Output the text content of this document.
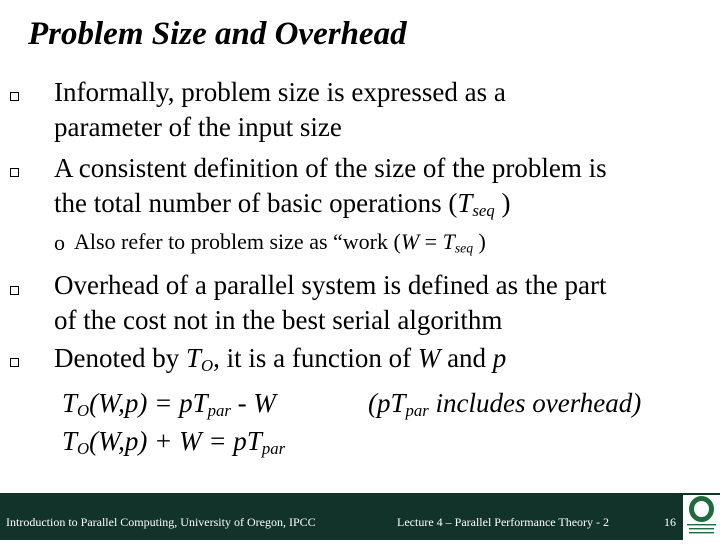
Problem Size and Overhead
Informally, problem size is expressed as a
parameter of the input size
A consistent definition of the size of the problem is
the total number of basic operations ($T_{seq}$ )
o Also refer to problem size as “work ($W = T_{seq}$ )
Overhead of a parallel system is defined as the part
of the cost not in the best serial algorithm
Denoted by $T_O$, it is a function of W and p
$T_O(W,p) = pT_{par} - W$	($pT_{par}$ includes overhead)
$T_O(W,p) + W = pT_{par}$
Introduction to Parallel Computing, University of Oregon, IPCC	Lecture 4 – Parallel Performance Theory - 2	16
